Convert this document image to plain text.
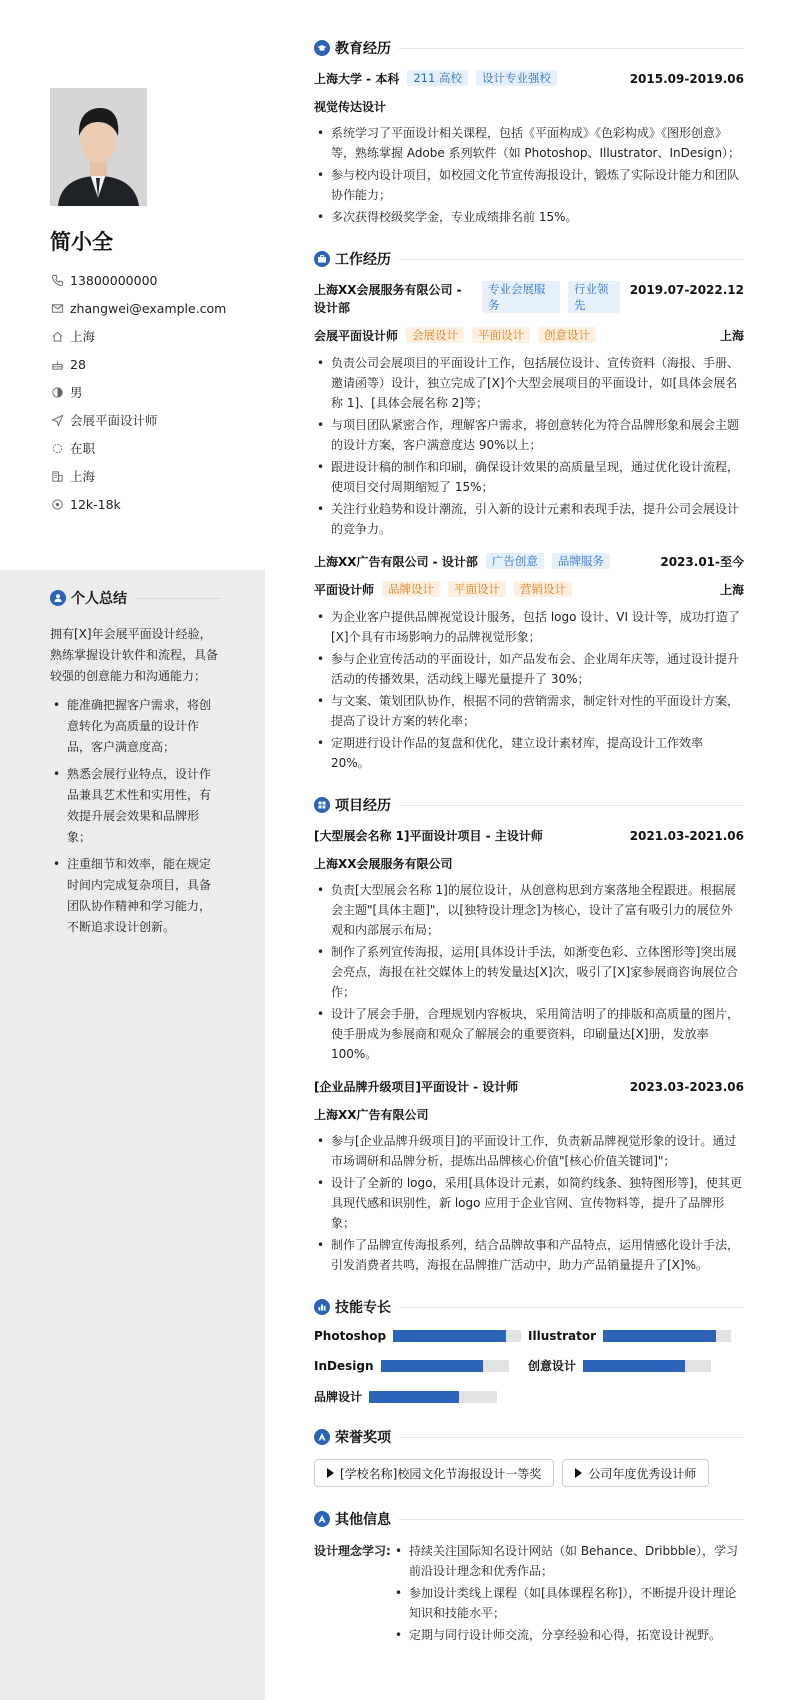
简小全
13800000000
zhangwei@example.com
上海
28
男
会展平面设计师
在职
上海
12k-18k
个人总结
拥有[X]年会展平面设计经验，熟练掌握设计软件和流程，具备较强的创意能力和沟通能力；
• 能准确把握客户需求，将创意转化为高质量的设计作品，客户满意度高；
• 熟悉会展行业特点，设计作品兼具艺术性和实用性，有效提升展会效果和品牌形象；
• 注重细节和效率，能在规定时间内完成复杂项目，具备团队协作精神和学习能力，不断追求设计创新。
教育经历
上海大学 - 本科	211 高校	设计专业强校	2015.09-2019.06
视觉传达设计
• 系统学习了平面设计相关课程，包括《平面构成》《色彩构成》《图形创意》等，熟练掌握 Adobe 系列软件（如 Photoshop、Illustrator、InDesign）；
• 参与校内设计项目，如校园文化节宣传海报设计，锻炼了实际设计能力和团队协作能力；
• 多次获得校级奖学金，专业成绩排名前 15%。
工作经历
上海XX会展服务有限公司 - 设计部
专业会展服务
行业领先
2019.07-2022.12
会展平面设计师	会展设计	平面设计	创意设计	上海
• 负责公司会展项目的平面设计工作，包括展位设计、宣传资料（海报、手册、邀请函等）设计，独立完成了[X]个大型会展项目的平面设计，如[具体会展名称 1]、[具体会展名称 2]等；
• 与项目团队紧密合作，理解客户需求，将创意转化为符合品牌形象和展会主题的设计方案，客户满意度达 90%以上；
• 跟进设计稿的制作和印刷，确保设计效果的高质量呈现，通过优化设计流程，使项目交付周期缩短了 15%；
• 关注行业趋势和设计潮流，引入新的设计元素和表现手法，提升公司会展设计的竞争力。
上海XX广告有限公司 - 设计部	广告创意	品牌服务	2023.01-至今
平面设计师	品牌设计	平面设计	营销设计	上海
• 为企业客户提供品牌视觉设计服务，包括 logo 设计、VI 设计等，成功打造了[X]个具有市场影响力的品牌视觉形象；
• 参与企业宣传活动的平面设计，如产品发布会、企业周年庆等，通过设计提升活动的传播效果，活动线上曝光量提升了 30%；
• 与文案、策划团队协作，根据不同的营销需求，制定针对性的平面设计方案，提高了设计方案的转化率；
• 定期进行设计作品的复盘和优化，建立设计素材库，提高设计工作效率 20%。
项目经历
[大型展会名称 1]平面设计项目 - 主设计师	2021.03-2021.06
上海XX会展服务有限公司
• 负责[大型展会名称 1]的展位设计，从创意构思到方案落地全程跟进。根据展会主题"[具体主题]"，以[独特设计理念]为核心，设计了富有吸引力的展位外观和内部展示布局；
• 制作了系列宣传海报，运用[具体设计手法，如渐变色彩、立体图形等]突出展会亮点，海报在社交媒体上的转发量达[X]次，吸引了[X]家参展商咨询展位合作；
• 设计了展会手册，合理规划内容板块，采用简洁明了的排版和高质量的图片，使手册成为参展商和观众了解展会的重要资料，印刷量达[X]册，发放率 100%。
[企业品牌升级项目]平面设计 - 设计师	2023.03-2023.06
上海XX广告有限公司
• 参与[企业品牌升级项目]的平面设计工作，负责新品牌视觉形象的设计。通过市场调研和品牌分析，提炼出品牌核心价值"[核心价值关键词]"；
• 设计了全新的 logo，采用[具体设计元素，如简约线条、独特图形等]，使其更具现代感和识别性，新 logo 应用于企业官网、宣传物料等，提升了品牌形象；
• 制作了品牌宣传海报系列，结合品牌故事和产品特点，运用情感化设计手法，引发消费者共鸣，海报在品牌推广活动中，助力产品销量提升了[X]%。
技能专长
Photoshop	Illustrator
InDesign	创意设计
品牌设计
荣誉奖项
[学校名称]校园文化节海报设计一等奖	公司年度优秀设计师
其他信息
设计理念学习:
•	持续关注国际知名设计网站（如 Behance、Dribbble），学习前沿设计理念和优秀作品；
• 参加设计类线上课程（如[具体课程名称]），不断提升设计理论知识和技能水平；
• 定期与同行设计师交流，分享经验和心得，拓宽设计视野。
